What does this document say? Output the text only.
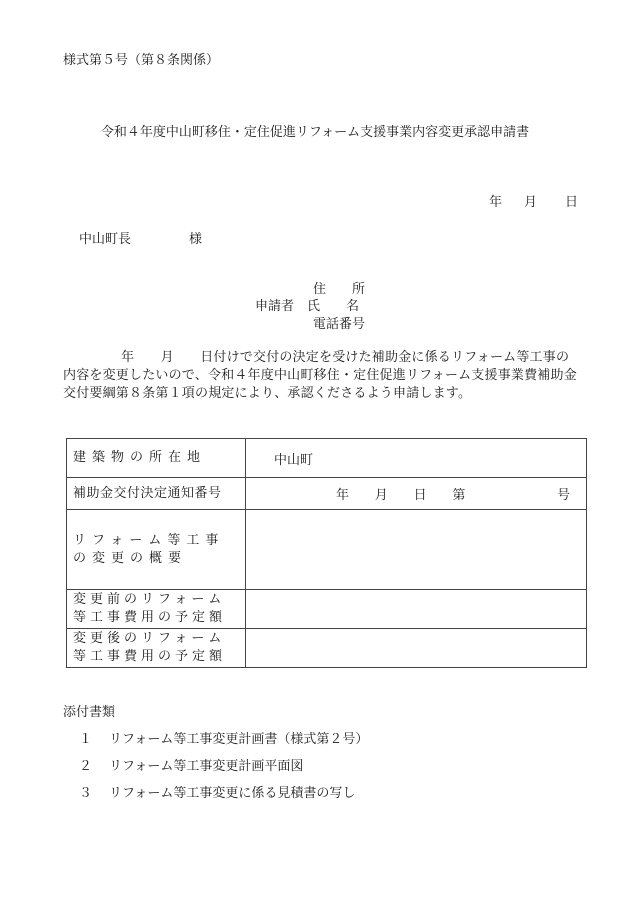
様式第５号（第８条関係）
令和４年度中山町移住・定住促進リフォーム支援事業内容変更承認申請書
年 月 日
中山町長	様
住　　所
申請者　 氏　　名
電話番号
年　　月　　日付けで交付の決定を受けた補助金に係るリフォーム等工事の内容を変更したいので、令和４年度中山町移住・定住促進リフォーム支援事業費補助金交付要綱第８条第１項の規定により、承認くださるよう申請します。
建築物の所在地	中山町
補助金交付決定通知番号	年 月 日 第 号

リフォーム等工事
の変更の概要	

変更前のリフォーム
等工事費用の予定額	

変更後のリフォーム
等工事費用の予定額	

添付書類
１ リフォーム等工事変更計画書（様式第２号）
２ リフォーム等工事変更計画平面図
３ リフォーム等工事変更に係る見積書の写し
